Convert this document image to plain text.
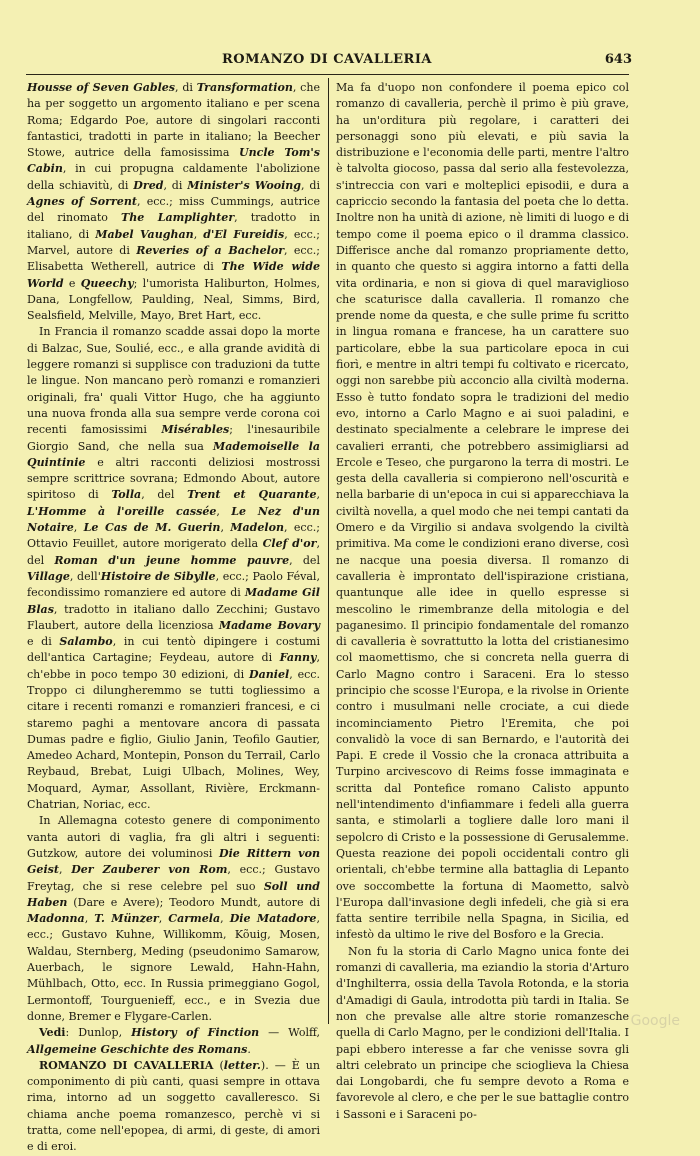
ROMANZO DI CAVALLERIA	643

Housse of Seven Gables, di Transformation, che ha per soggetto un argomento italiano e per scena Roma; Edgardo Poe, autore di singolari racconti fantastici, tradotti in parte in italiano; la Beecher Stowe, autrice della famosissima Uncle Tom's Cabin, in cui propugna caldamente l'abolizione della schiavitù, di Dred, di Minister's Wooing, di Agnes of Sorrent, ecc.; miss Cummings, autrice del rinomato The Lamplighter, tradotto in italiano, di Mabel Vaughan, d'El Fureidis, ecc.; Marvel, autore di Reveries of a Bachelor, ecc.; Elisabetta Wetherell, autrice di The Wide wide World e Queechy; l'umorista Haliburton, Holmes, Dana, Longfellow, Paulding, Neal, Simms, Bird, Sealsfield, Melville, Mayo, Bret Hart, ecc.

In Francia il romanzo scadde assai dopo la morte di Balzac, Sue, Soulié, ecc., e alla grande avidità di leggere romanzi si supplisce con traduzioni da tutte le lingue. Non mancano però romanzi e romanzieri originali, fra' quali Vittor Hugo, che ha aggiunto una nuova fronda alla sua sempre verde corona coi recenti famosissimi Misérables; l'inesauribile Giorgio Sand, che nella sua Mademoiselle la Quintinie e altri racconti deliziosi mostrossi sempre scrittrice sovrana; Edmondo About, autore spiritoso di Tolla, del Trent et Quarante, L'Homme à l'oreille cassée, Le Nez d'un Notaire, Le Cas de M. Guerin, Madelon, ecc.; Ottavio Feuillet, autore morigerato della Clef d'or, del Roman d'un jeune homme pauvre, del Village, dell'Histoire de Sibylle, ecc.; Paolo Féval, fecondissimo romanziere ed autore di Madame Gil Blas, tradotto in italiano dallo Zecchini; Gustavo Flaubert, autore della licenziosa Madame Bovary e di Salambo, in cui tentò dipingere i costumi dell'antica Cartagine; Feydeau, autore di Fanny, ch'ebbe in poco tempo 30 edizioni, di Daniel, ecc. Troppo ci dilungheremmo se tutti togliessimo a citare i recenti romanzi e romanzieri francesi, e ci staremo paghi a mentovare ancora di passata Dumas padre e figlio, Giulio Janin, Teofilo Gautier, Amedeo Achard, Montepin, Ponson du Terrail, Carlo Reybaud, Brebat, Luigi Ulbach, Molines, Wey, Moquard, Aymar, Assollant, Rivière, Erckmann-Chatrian, Noriac, ecc.

In Allemagna cotesto genere di componimento vanta autori di vaglia, fra gli altri i seguenti: Gutzkow, autore dei voluminosi Die Rittern von Geist, Der Zauberer von Rom, ecc.; Gustavo Freytag, che si rese celebre pel suo Soll und Haben (Dare e Avere); Teodoro Mundt, autore di Madonna, T. Münzer, Carmela, Die Matadore, ecc.; Gustavo Kuhne, Willikomm, Kõuig, Mosen, Waldau, Sternberg, Meding (pseudonimo Samarow, Auerbach, le signore Lewald, Hahn-Hahn, Mühlbach, Otto, ecc. In Russia primeggiano Gogol, Lermontoff, Tourguenieff, ecc., e in Svezia due donne, Bremer e Flygare-Carlen.

Vedi: Dunlop, History of Finction — Wolff, Allgemeine Geschichte des Romans.

ROMANZO DI CAVALLERIA (letter.). — È un componimento di più canti, quasi sempre in ottava rima, intorno ad un soggetto cavalleresco. Si chiama anche poema romanzesco, perchè vi si tratta, come nell'epopea, di armi, di geste, di amori e di eroi.

Ma fa d'uopo non confondere il poema epico col romanzo di cavalleria, perchè il primo è più grave, ha un'orditura più regolare, i caratteri dei personaggi sono più elevati, e più savia la distribuzione e l'economia delle parti, mentre l'altro è talvolta giocoso, passa dal serio alla festevolezza, s'intreccia con vari e molteplici episodii, e dura a capriccio secondo la fantasia del poeta che lo detta. Inoltre non ha unità di azione, nè limiti di luogo e di tempo come il poema epico o il dramma classico. Differisce anche dal romanzo propriamente detto, in quanto che questo si aggira intorno a fatti della vita ordinaria, e non si giova di quel maraviglioso che scaturisce dalla cavalleria. Il romanzo che prende nome da questa, e che sulle prime fu scritto in lingua romana e francese, ha un carattere suo particolare, ebbe la sua particolare epoca in cui fiorì, e mentre in altri tempi fu coltivato e ricercato, oggi non sarebbe più acconcio alla civiltà moderna. Esso è tutto fondato sopra le tradizioni del medio evo, intorno a Carlo Magno e ai suoi paladini, e destinato specialmente a celebrare le imprese dei cavalieri erranti, che potrebbero assimigliarsi ad Ercole e Teseo, che purgarono la terra di mostri. Le gesta della cavalleria si compierono nell'oscurità e nella barbarie di un'epoca in cui si apparecchiava la civiltà novella, a quel modo che nei tempi cantati da Omero e da Virgilio si andava svolgendo la civiltà primitiva. Ma come le condizioni erano diverse, così ne nacque una poesia diversa. Il romanzo di cavalleria è improntato dell'ispirazione cristiana, quantunque alle idee in quello espresse si mescolino le rimembranze della mitologia e del paganesimo. Il principio fondamentale del romanzo di cavalleria è sovrattutto la lotta del cristianesimo col maomettismo, che si concreta nella guerra di Carlo Magno contro i Saraceni. Era lo stesso principio che scosse l'Europa, e la rivolse in Oriente contro i musulmani nelle crociate, a cui diede incominciamento Pietro l'Eremita, che poi convalidò la voce di san Bernardo, e l'autorità dei Papi. E crede il Vossio che la cronaca attribuita a Turpino arcivescovo di Reims fosse immaginata e scritta dal Pontefice romano Calisto appunto nell'intendimento d'infiammare i fedeli alla guerra santa, e stimolarli a togliere dalle loro mani il sepolcro di Cristo e la possessione di Gerusalemme. Questa reazione dei popoli occidentali contro gli orientali, ch'ebbe termine alla battaglia di Lepanto ove soccombette la fortuna di Maometto, salvò l'Europa dall'invasione degli infedeli, che già si era fatta sentire terribile nella Spagna, in Sicilia, ed infestò da ultimo le rive del Bosforo e la Grecia.

Non fu la storia di Carlo Magno unica fonte dei romanzi di cavalleria, ma eziandio la storia d'Arturo d'Inghilterra, ossia della Tavola Rotonda, e la storia d'Amadigi di Gaula, introdotta più tardi in Italia. Se non che prevalse alle altre storie romanzesche quella di Carlo Magno, per le condizioni dell'Italia. I papi ebbero interesse a far che venisse sovra gli altri celebrato un principe che scioglieva la Chiesa dai Longobardi, che fu sempre devoto a Roma e favorevole al clero, e che per le sue battaglie contro i Sassoni e i Saraceni po-

Google
